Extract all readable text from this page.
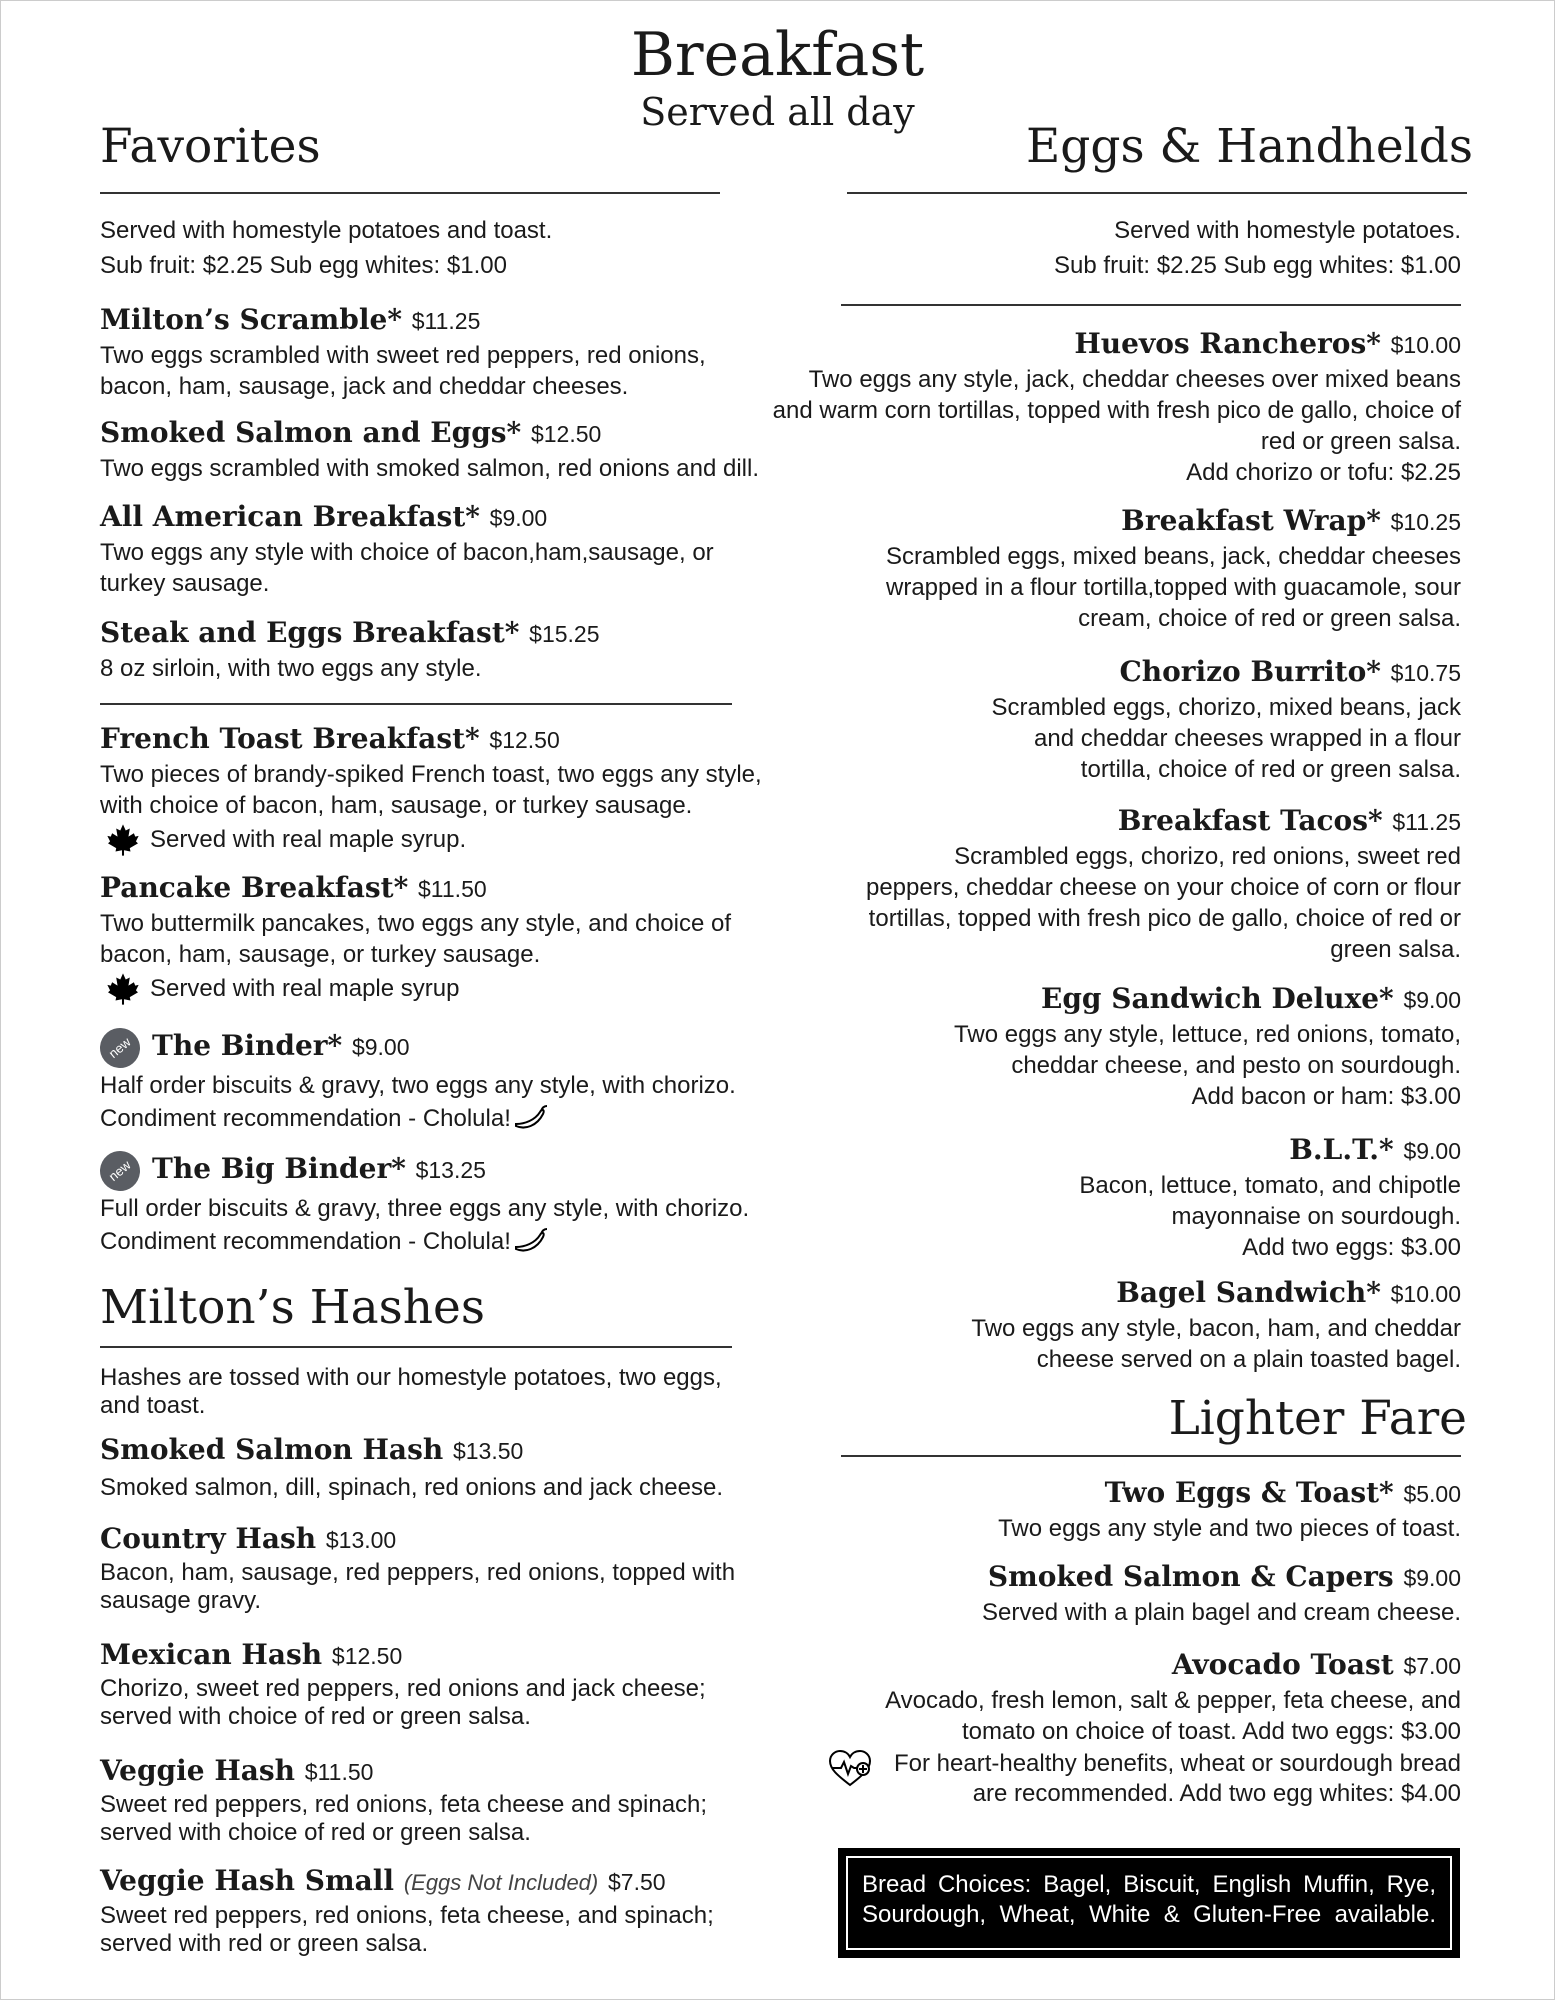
Breakfast
Served all day
Favorites
Served with homestyle potatoes and toast.
Sub fruit: $2.25 Sub egg whites: $1.00
Milton’s Scramble* $11.25
Two eggs scrambled with sweet red peppers, red onions, bacon, ham, sausage, jack and cheddar cheeses.
Smoked Salmon and Eggs* $12.50
Two eggs scrambled with smoked salmon, red onions and dill.
All American Breakfast* $9.00
Two eggs any style with choice of bacon,ham,sausage, or turkey sausage.
Steak and Eggs Breakfast* $15.25
8 oz sirloin, with two eggs any style.
French Toast Breakfast* $12.50
Two pieces of brandy-spiked French toast, two eggs any style, with choice of bacon, ham, sausage, or turkey sausage.
Served with real maple syrup.
Pancake Breakfast* $11.50
Two buttermilk pancakes, two eggs any style, and choice of bacon, ham, sausage, or turkey sausage.
Served with real maple syrup
new The Binder* $9.00
Half order biscuits & gravy, two eggs any style, with chorizo.
Condiment recommendation - Cholula!
new The Big Binder* $13.25
Full order biscuits & gravy, three eggs any style, with chorizo.
Condiment recommendation - Cholula!
Milton’s Hashes
Hashes are tossed with our homestyle potatoes, two eggs, and toast.
Smoked Salmon Hash $13.50
Smoked salmon, dill, spinach, red onions and jack cheese.
Country Hash $13.00
Bacon, ham, sausage, red peppers, red onions, topped with sausage gravy.
Mexican Hash $12.50
Chorizo, sweet red peppers, red onions and jack cheese; served with choice of red or green salsa.
Veggie Hash $11.50
Sweet red peppers, red onions, feta cheese and spinach; served with choice of red or green salsa.
Veggie Hash Small (Eggs Not Included) $7.50
Sweet red peppers, red onions, feta cheese, and spinach; served with red or green salsa.
Eggs & Handhelds
Served with homestyle potatoes.
Sub fruit: $2.25 Sub egg whites: $1.00
Huevos Rancheros* $10.00
Two eggs any style, jack, cheddar cheeses over mixed beans and warm corn tortillas, topped with fresh pico de gallo, choice of red or green salsa.
Add chorizo or tofu: $2.25
Breakfast Wrap* $10.25
Scrambled eggs, mixed beans, jack, cheddar cheeses wrapped in a flour tortilla,topped with guacamole, sour cream, choice of red or green salsa.
Chorizo Burrito* $10.75
Scrambled eggs, chorizo, mixed beans, jack and cheddar cheeses wrapped in a flour tortilla, choice of red or green salsa.
Breakfast Tacos* $11.25
Scrambled eggs, chorizo, red onions, sweet red peppers, cheddar cheese on your choice of corn or flour tortillas, topped with fresh pico de gallo, choice of red or green salsa.
Egg Sandwich Deluxe* $9.00
Two eggs any style, lettuce, red onions, tomato, cheddar cheese, and pesto on sourdough.
Add bacon or ham: $3.00
B.L.T.* $9.00
Bacon, lettuce, tomato, and chipotle mayonnaise on sourdough.
Add two eggs: $3.00
Bagel Sandwich* $10.00
Two eggs any style, bacon, ham, and cheddar cheese served on a plain toasted bagel.
Lighter Fare
Two Eggs & Toast* $5.00
Two eggs any style and two pieces of toast.
Smoked Salmon & Capers $9.00
Served with a plain bagel and cream cheese.
Avocado Toast $7.00
Avocado, fresh lemon, salt & pepper, feta cheese, and tomato on choice of toast. Add two eggs: $3.00
For heart-healthy benefits, wheat or sourdough bread are recommended. Add two egg whites: $4.00
Bread Choices: Bagel, Biscuit, English Muffin, Rye, Sourdough, Wheat, White & Gluten-Free available.
